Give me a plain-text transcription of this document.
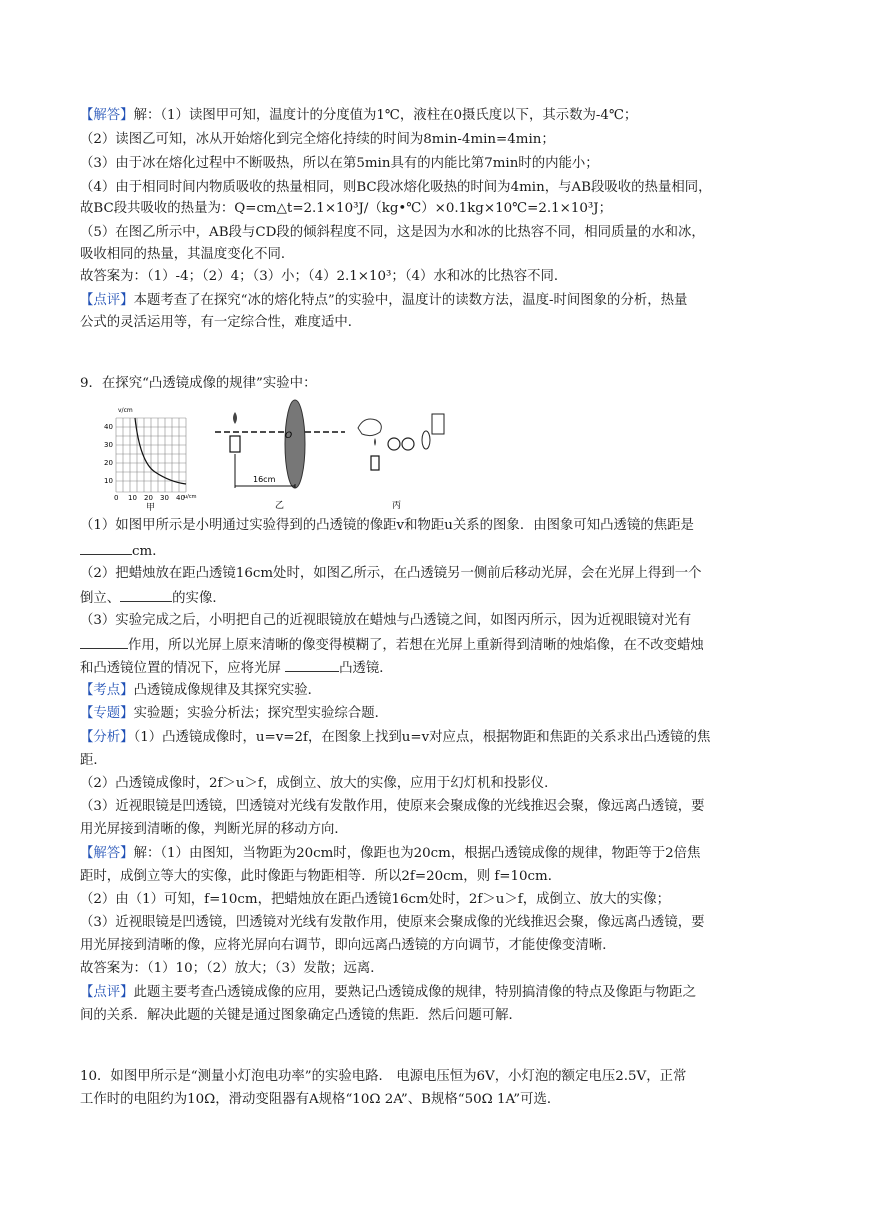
【解答】解：（1）读图甲可知，温度计的分度值为1℃，液柱在0摄氏度以下，其示数为-4℃；
（2）读图乙可知，冰从开始熔化到完全熔化持续的时间为8min-4min=4min；
（3）由于冰在熔化过程中不断吸热，所以在第5min具有的内能比第7min时的内能小；
（4）由于相同时间内物质吸收的热量相同，则BC段冰熔化吸热的时间为4min，与AB段吸收的热量相同，
故BC段共吸收的热量为：Q=cm△t=2.1×10³J/（kg•℃）×0.1kg×10℃=2.1×10³J；
（5）在图乙所示中，AB段与CD段的倾斜程度不同，这是因为水和冰的比热容不同，相同质量的水和冰，
吸收相同的热量，其温度变化不同．
故答案为：（1）-4；（2）4；（3）小；（4）2.1×10³；（4）水和冰的比热容不同．
【点评】本题考查了在探究“冰的熔化特点”的实验中，温度计的读数方法，温度-时间图象的分析，热量
公式的灵活运用等，有一定综合性，难度适中．
9．在探究“凸透镜成像的规律”实验中：
v/cm
40
30
20
10
0 10 20 30 40 u/cm
甲
O
16cm
乙	丙
（1）如图甲所示是小明通过实验得到的凸透镜的像距v和物距u关系的图象．由图象可知凸透镜的焦距是
cm．
（2）把蜡烛放在距凸透镜16cm处时，如图乙所示，在凸透镜另一侧前后移动光屏，会在光屏上得到一个
倒立、	的实像．
（3）实验完成之后，小明把自己的近视眼镜放在蜡烛与凸透镜之间，如图丙所示，因为近视眼镜对光有
作用，所以光屏上原来清晰的像变得模糊了，若想在光屏上重新得到清晰的烛焰像，在不改变蜡烛
和凸透镜位置的情况下，应将光屏	凸透镜．
【考点】凸透镜成像规律及其探究实验．
【专题】实验题；实验分析法；探究型实验综合题．
【分析】（1）凸透镜成像时，u=v=2f，在图象上找到u=v对应点，根据物距和焦距的关系求出凸透镜的焦
距．
（2）凸透镜成像时，2f＞u＞f，成倒立、放大的实像，应用于幻灯机和投影仪．
（3）近视眼镜是凹透镜，凹透镜对光线有发散作用，使原来会聚成像的光线推迟会聚，像远离凸透镜，要
用光屏接到清晰的像，判断光屏的移动方向．
【解答】解：（1）由图知，当物距为20cm时，像距也为20cm，根据凸透镜成像的规律，物距等于2倍焦
距时，成倒立等大的实像，此时像距与物距相等．所以2f=20cm，则 f=10cm．
（2）由（1）可知，f=10cm，把蜡烛放在距凸透镜16cm处时，2f＞u＞f，成倒立、放大的实像；
（3）近视眼镜是凹透镜，凹透镜对光线有发散作用，使原来会聚成像的光线推迟会聚，像远离凸透镜，要
用光屏接到清晰的像，应将光屏向右调节，即向远离凸透镜的方向调节，才能使像变清晰．
故答案为：（1）10；（2）放大；（3）发散；远离．
【点评】此题主要考查凸透镜成像的应用，要熟记凸透镜成像的规律，特别搞清像的特点及像距与物距之
间的关系．解决此题的关键是通过图象确定凸透镜的焦距．然后问题可解．
10．如图甲所示是“测量小灯泡电功率”的实验电路． 电源电压恒为6V，小灯泡的额定电压2.5V，正常
工作时的电阻约为10Ω，滑动变阻器有A规格“10Ω 2A”、B规格“50Ω 1A”可选．
